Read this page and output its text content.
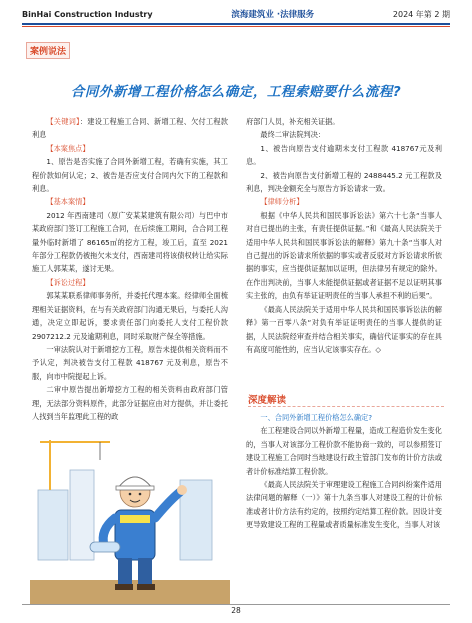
BinHai Construction Industry	滨海建筑业 ·法律服务	2024 年第 2 期
案例说法
合同外新增工程价格怎么确定，工程索赔要什么流程?

【关键词】：建设工程施工合同、新增工程、欠付工程款利息

【本案焦点】

1、原告是否实施了合同外新增工程，若确有实施，其工程价款如何认定；2、被告是否应支付合同内欠下的工程款和利息。

【基本案情】

2012 年西南建司（原广安某某建筑有限公司）与巴中市某政府部门签订工程施工合同，在后续施工期间，合合同工程量外临时新增了 86165㎡的挖方工程，竣工后，直至 2021 年部分工程款仍被拖欠未支付，西南建司将该债权转让给实际施工人郭某某，遂讨无果。

【诉讼过程】

郭某某联系律师事务所，并委托代理本案。经律师全面梳理相关证据资料，在与有关政府部门沟通无果后，与委托人沟通，决定立即起诉，要求责任部门向委托人支付工程价款 2907212.2 元及逾期利息，同时采取财产保全等措施。

一审法院认对于新增挖方工程，原告未提供相关资料而不予认定，判决被告支付工程款 418767 元及利息，原告不服，向市中院提起上诉。

二审中原告提出新增挖方工程的相关资料由政府部门管理，无法部分资料原件，此部分证据应由对方提供，并让委托人找到当年监理此工程的政

府部门人员，补充相关证据。

最终二审法院判决：

1、被告向原告支付逾期未支付工程款 418767元及利息。

2、被告向原告支付新增工程的 2488445.2 元工程款及利息，判决金额充全与原告方诉讼请求一致。

【律师分析】

根据《中华人民共和国民事诉讼法》第六十七条“当事人对自已提出的主张，有责任提供证据。”和《最高人民法院关于适用中华人民共和国民事诉讼法的解释》第九十条“当事人对自己提出的诉讼请求所依据的事实或者反驳对方诉讼请求所依据的事实，应当提供证据加以证明，但法律另有规定的除外。在作出判决前，当事人未能提供证据或者证据不足以证明其事实主张的，由负有举证证明责任的当事人承担不利的后果”。

《最高人民法院关于适用中华人民共和国民事诉讼法的解释》第一百零八条“对负有举证证明责任的当事人提供的证据，人民法院经审查并结合相关事实，确信代证事实的存在具有高度可能性的，应当认定该事实存在。◇

深度解读

一、合同外新增工程价格怎么确定?

在工程建设合同以外新增工程量，造成工程造价发生变化的，当事人对该部分工程价款不能协商一致的，可以参照签订建设工程施工合同时当地建设行政主管部门发布的计价方法或者计价标准结算工程价款。

《最高人民法院关于审理建设工程施工合同纠纷案件适用法律问题的解释（一）》第十九条当事人对建设工程的计价标准或者计价方法有约定的，按照约定结算工程价款。因设计变更导致建设工程的工程量或者质量标准发生变化，当事人对该

28
